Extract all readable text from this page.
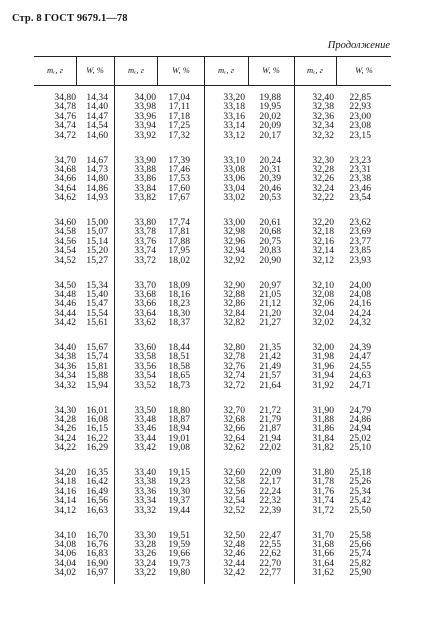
Стр. 8 ГОСТ 9679.1—78
Продолжение
mₑ, г	W, %	mₑ, г	W, %	mₑ, г	W, %	mₑ, г	W, %
34,80	14,34	34,00	17,04	33,20	19,88	32,40	22,85
34,78	14,40	33,98	17,11	33,18	19,95	32,38	22,93
34,76	14,47	33,96	17,18	33,16	20,02	32,36	23,00
34,74	14,54	33,94	17,25	33,14	20,09	32,34	23,08
34,72	14,60	33,92	17,32	33,12	20,17	32,32	23,15
34,70	14,67	33,90	17,39	33,10	20,24	32,30	23,23
34,68	14,73	33,88	17,46	33,08	20,31	32,28	23,31
34,66	14,80	33,86	17,53	33,06	20,39	32,26	23,38
34,64	14,86	33,84	17,60	33,04	20,46	32,24	23,46
34,62	14,93	33,82	17,67	33,02	20,53	32,22	23,54
34,60	15,00	33,80	17,74	33,00	20,61	32,20	23,62
34,58	15,07	33,78	17,81	32,98	20,68	32,18	23,69
34,56	15,14	33,76	17,88	32,96	20,75	32,16	23,77
34,54	15,20	33,74	17,95	32,94	20,83	32,14	23,85
34,52	15,27	33,72	18,02	32,92	20,90	32,12	23,93
34,50	15,34	33,70	18,09	32,90	20,97	32,10	24,00
34,48	15,40	33,68	18,16	32,88	21,05	32,08	24,08
34,46	15,47	33,66	18,23	32,86	21,12	32,06	24,16
34,44	15,54	33,64	18,30	32,84	21,20	32,04	24,24
34,42	15,61	33,62	18,37	32,82	21,27	32,02	24,32
34,40	15,67	33,60	18,44	32,80	21,35	32,00	24,39
34,38	15,74	33,58	18,51	32,78	21,42	31,98	24,47
34,36	15,81	33,56	18,58	32,76	21,49	31,96	24,55
34,34	15,88	33,54	18,65	32,74	21,57	31,94	24,63
34,32	15,94	33,52	18,73	32,72	21,64	31,92	24,71
34,30	16,01	33,50	18,80	32,70	21,72	31,90	24,79
34,28	16,08	33,48	18,87	32,68	21,79	31,88	24,86
34,26	16,15	33,46	18,94	32,66	21,87	31,86	24,94
34,24	16,22	33,44	19,01	32,64	21,94	31,84	25,02
34,22	16,29	33,42	19,08	32,62	22,02	31,82	25,10
34,20	16,35	33,40	19,15	32,60	22,09	31,80	25,18
34,18	16,42	33,38	19,23	32,58	22,17	31,78	25,26
34,16	16,49	33,36	19,30	32,56	22,24	31,76	25,34
34,14	16,56	33,34	19,37	32,54	22,32	31,74	25,42
34,12	16,63	33,32	19,44	32,52	22,39	31,72	25,50
34,10	16,70	33,30	19,51	32,50	22,47	31,70	25,58
34,08	16,76	33,28	19,59	32,48	22,55	31,68	25,66
34,06	16,83	33,26	19,66	32,46	22,62	31,66	25,74
34,04	16,90	33,24	19,73	32,44	22,70	31,64	25,82
34,02	16,97	33,22	19,80	32,42	22,77	31,62	25,90
